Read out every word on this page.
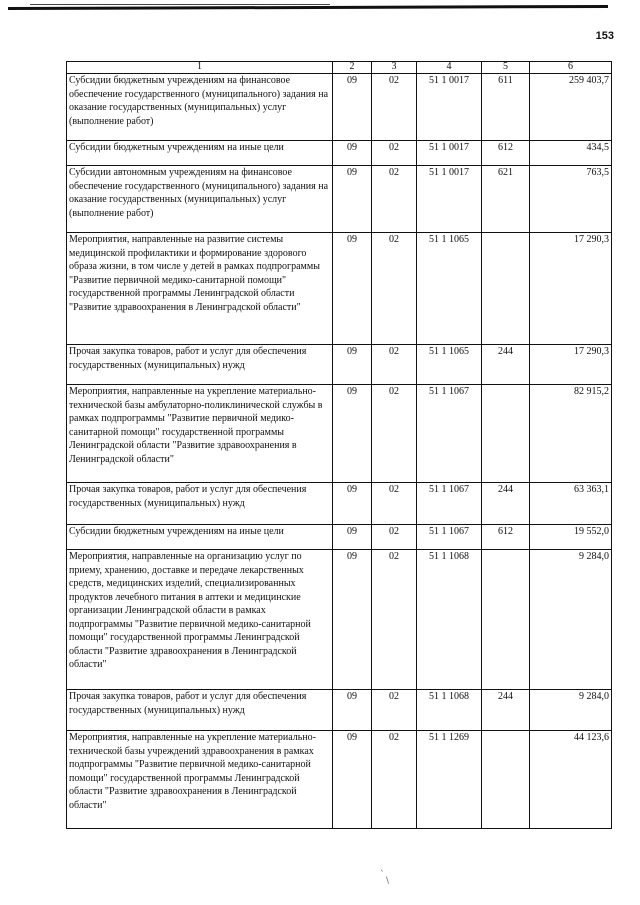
153
1	2	3	4	5	6
Субсидии бюджетным учреждениям на финансовое обеспечение государственного (муниципального) задания на оказание государственных (муниципальных) услуг (выполнение работ)	09	02	51 1 0017	611	259 403,7
Субсидии бюджетным учреждениям на иные цели	09	02	51 1 0017	612	434,5
Субсидии автономным учреждениям на финансовое обеспечение государственного (муниципального) задания на оказание государственных (муниципальных) услуг (выполнение работ)	09	02	51 1 0017	621	763,5
Мероприятия, направленные на развитие системы медицинской профилактики и формирование здорового образа жизни, в том числе у детей в рамках подпрограммы "Развитие первичной медико-санитарной помощи" государственной программы Ленинградской области "Развитие здравоохранения в Ленинградской области"	09	02	51 1 1065		17 290,3
Прочая закупка товаров, работ и услуг для обеспечения государственных (муниципальных) нужд	09	02	51 1 1065	244	17 290,3
Мероприятия, направленные на укрепление материально-технической базы амбулаторно-поликлинической службы в рамках подпрограммы "Развитие первичной медико-санитарной помощи" государственной программы Ленинградской области "Развитие здравоохранения в Ленинградской области"	09	02	51 1 1067		82 915,2
Прочая закупка товаров, работ и услуг для обеспечения государственных (муниципальных) нужд	09	02	51 1 1067	244	63 363,1
Субсидии бюджетным учреждениям на иные цели	09	02	51 1 1067	612	19 552,0
Мероприятия, направленные на организацию услуг по приему, хранению, доставке и передаче лекарственных средств, медицинских изделий, специализированных продуктов лечебного питания в аптеки и медицинские организации Ленинградской области в рамках подпрограммы "Развитие первичной медико-санитарной помощи" государственной программы Ленинградской области "Развитие здравоохранения в Ленинградской области"	09	02	51 1 1068		9 284,0
Прочая закупка товаров, работ и услуг для обеспечения государственных (муниципальных) нужд	09	02	51 1 1068	244	9 284,0
Мероприятия, направленные на укрепление материально-технической базы учреждений здравоохранения в рамках подпрограммы "Развитие первичной медико-санитарной помощи" государственной программы Ленинградской области "Развитие здравоохранения в Ленинградской области"	09	02	51 1 1269		44 123,6
`
\
